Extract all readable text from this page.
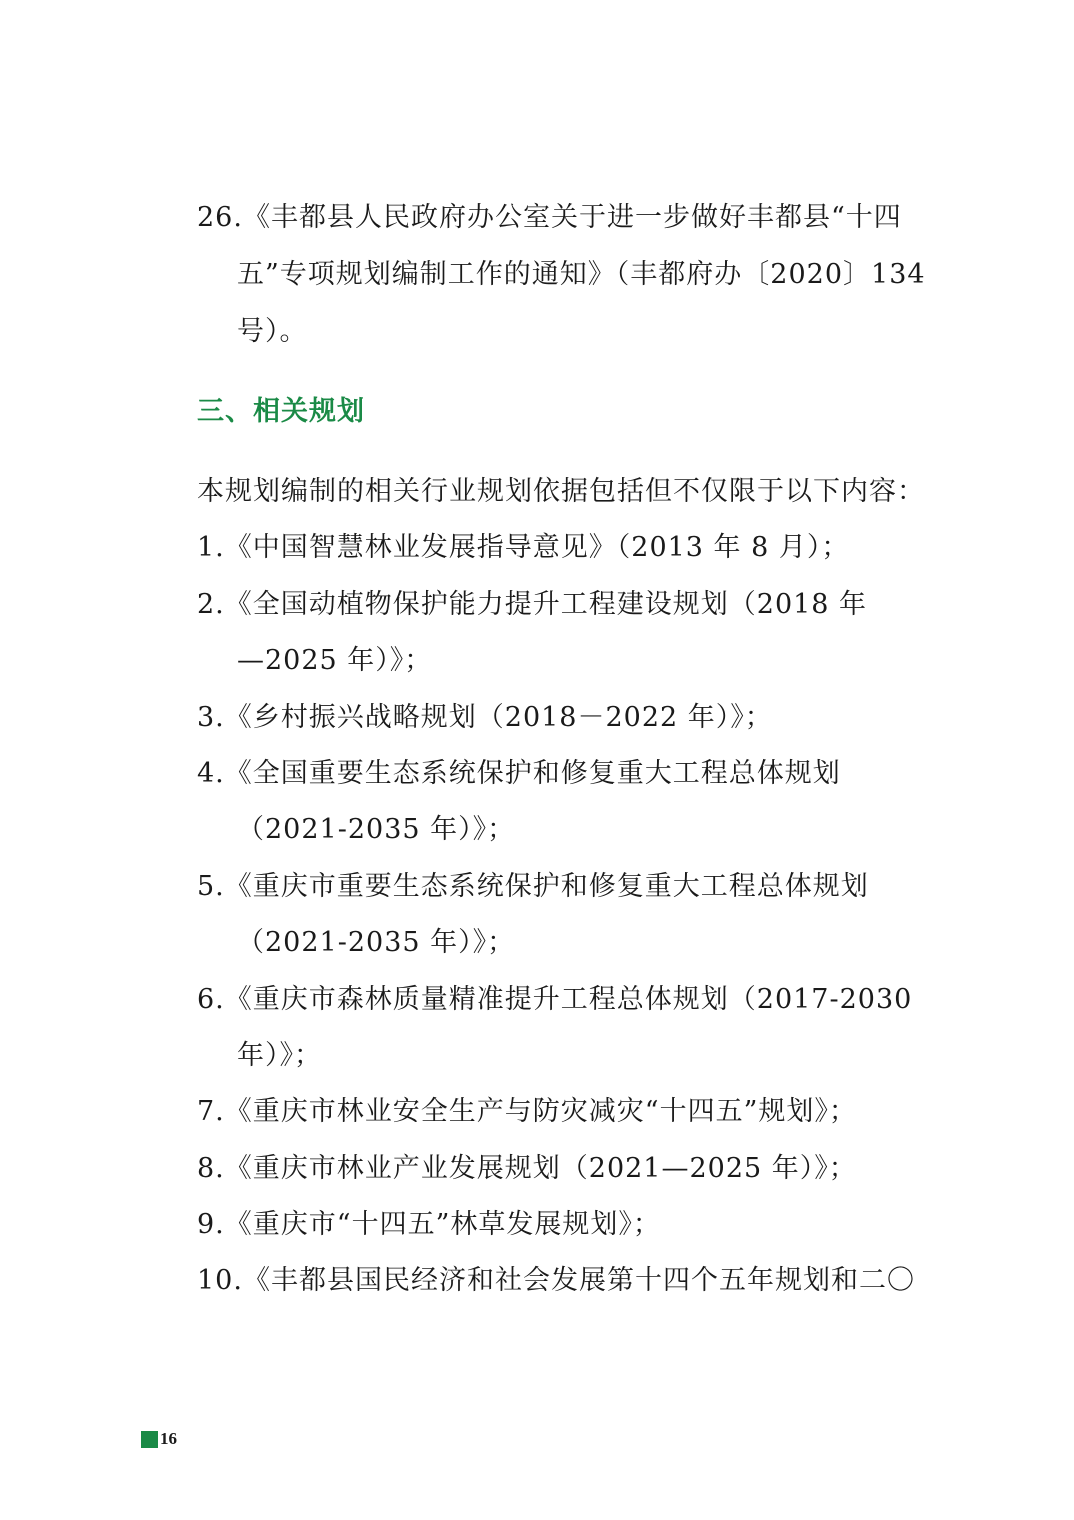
26.《丰都县人民政府办公室关于进一步做好丰都县“十四
五”专项规划编制工作的通知》（丰都府办〔2020〕134
号）。
三、相关规划
本规划编制的相关行业规划依据包括但不仅限于以下内容：
1.《中国智慧林业发展指导意见》（2013 年 8 月）；
2.《全国动植物保护能力提升工程建设规划（2018 年
—2025 年）》；
3.《乡村振兴战略规划（2018－2022 年）》；
4.《全国重要生态系统保护和修复重大工程总体规划
（2021-2035 年）》；
5.《重庆市重要生态系统保护和修复重大工程总体规划
（2021-2035 年）》；
6.《重庆市森林质量精准提升工程总体规划（2017-2030
年）》；
7.《重庆市林业安全生产与防灾减灾“十四五”规划》；
8.《重庆市林业产业发展规划（2021—2025 年）》；
9.《重庆市“十四五”林草发展规划》；
10.《丰都县国民经济和社会发展第十四个五年规划和二〇
16
